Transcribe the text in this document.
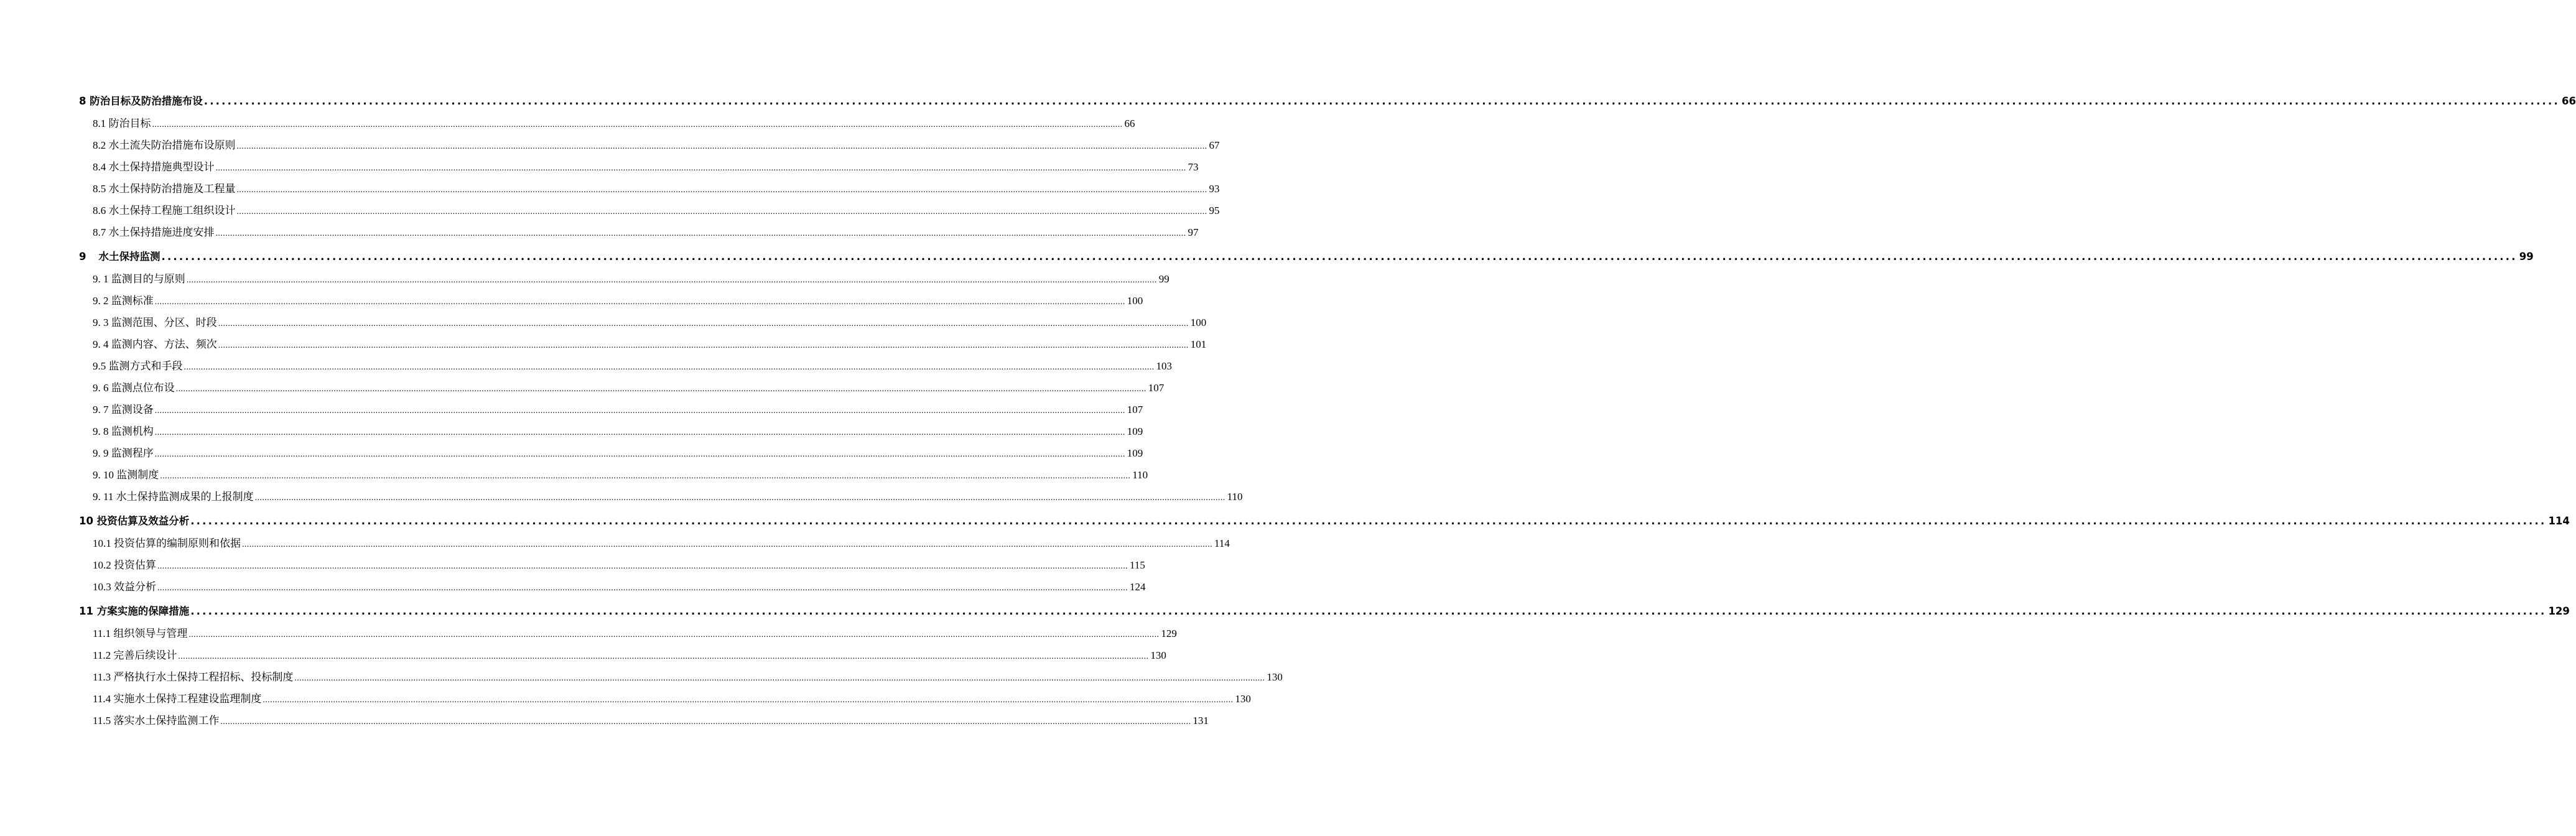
8 防治目标及防治措施布设 ................................................................................................................................................................................................................................................................................................................................................................................................................ 66
8.1 防治目标 ................................................................................................................................................................................................................................................................................................................................................................................................................ 66
8.2 水土流失防治措施布设原则 ................................................................................................................................................................................................................................................................................................................................................................................................................ 67
8.4 水土保持措施典型设计 ................................................................................................................................................................................................................................................................................................................................................................................................................ 73
8.5 水土保持防治措施及工程量 ................................................................................................................................................................................................................................................................................................................................................................................................................ 93
8.6 水土保持工程施工组织设计 ................................................................................................................................................................................................................................................................................................................................................................................................................ 95
8.7 水土保持措施进度安排 ................................................................................................................................................................................................................................................................................................................................................................................................................ 97
9 水土保持监测 ................................................................................................................................................................................................................................................................................................................................................................................................................ 99
9. 1 监测目的与原则 ................................................................................................................................................................................................................................................................................................................................................................................................................ 99
9. 2 监测标准 ................................................................................................................................................................................................................................................................................................................................................................................................................ 100
9. 3 监测范围、分区、时段 ................................................................................................................................................................................................................................................................................................................................................................................................................ 100
9. 4 监测内容、方法、频次 ................................................................................................................................................................................................................................................................................................................................................................................................................ 101
9.5 监测方式和手段 ................................................................................................................................................................................................................................................................................................................................................................................................................ 103
9. 6 监测点位布设 ................................................................................................................................................................................................................................................................................................................................................................................................................ 107
9. 7 监测设备 ................................................................................................................................................................................................................................................................................................................................................................................................................ 107
9. 8 监测机构 ................................................................................................................................................................................................................................................................................................................................................................................................................ 109
9. 9 监测程序 ................................................................................................................................................................................................................................................................................................................................................................................................................ 109
9. 10 监测制度 ................................................................................................................................................................................................................................................................................................................................................................................................................ 110
9. 11 水土保持监测成果的上报制度 ................................................................................................................................................................................................................................................................................................................................................................................................................ 110
10 投资估算及效益分析 ................................................................................................................................................................................................................................................................................................................................................................................................................ 114
10.1 投资估算的编制原则和依据 ................................................................................................................................................................................................................................................................................................................................................................................................................ 114
10.2 投资估算 ................................................................................................................................................................................................................................................................................................................................................................................................................ 115
10.3 效益分析 ................................................................................................................................................................................................................................................................................................................................................................................................................ 124
11 方案实施的保障措施 ................................................................................................................................................................................................................................................................................................................................................................................................................ 129
11.1 组织领导与管理 ................................................................................................................................................................................................................................................................................................................................................................................................................ 129
11.2 完善后续设计 ................................................................................................................................................................................................................................................................................................................................................................................................................ 130
11.3 严格执行水土保持工程招标、投标制度 ................................................................................................................................................................................................................................................................................................................................................................................................................ 130
11.4 实施水土保持工程建设监理制度 ................................................................................................................................................................................................................................................................................................................................................................................................................ 130
11.5 落实水土保持监测工作 ................................................................................................................................................................................................................................................................................................................................................................................................................ 131
